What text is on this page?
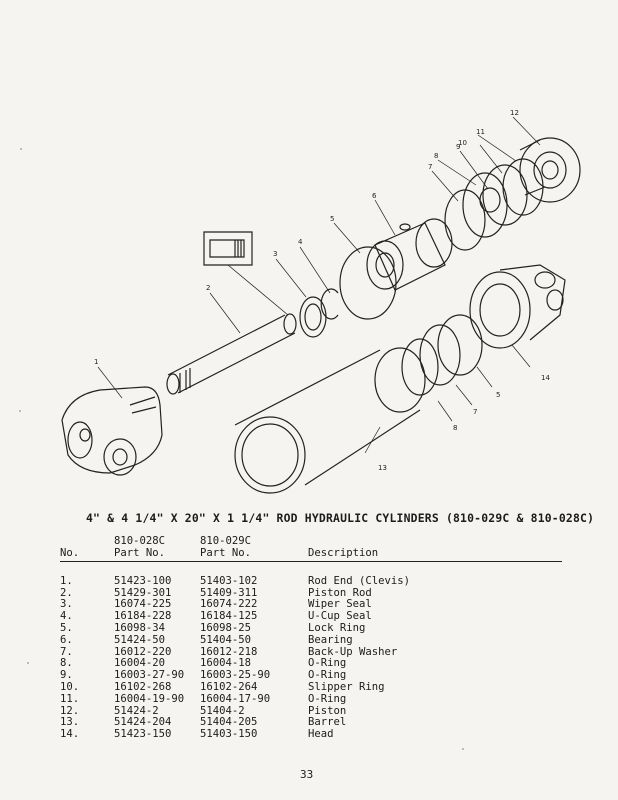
1
2
3
4
5
6
7
8
9
10
11
12
13
14
8
7
5
4" & 4 1/4" X 20" X 1 1/4" ROD HYDRAULIC CYLINDERS (810-029C & 810-028C)
	810-028C	810-029C	
No.	Part No.	Part No.	Description

1.	51423-100	51403-102	Rod End (Clevis)
2.	51429-301	51409-311	Piston Rod
3.	16074-225	16074-222	Wiper Seal
4.	16184-228	16184-125	U-Cup Seal
5.	16098-34	16098-25	Lock Ring
6.	51424-50	51404-50	Bearing
7.	16012-220	16012-218	Back-Up Washer
8.	16004-20	16004-18	O-Ring
9.	16003-27-90	16003-25-90	O-Ring
10.	16102-268	16102-264	Slipper Ring
11.	16004-19-90	16004-17-90	O-Ring
12.	51424-2	51404-2	Piston
13.	51424-204	51404-205	Barrel
14.	51423-150	51403-150	Head
33
